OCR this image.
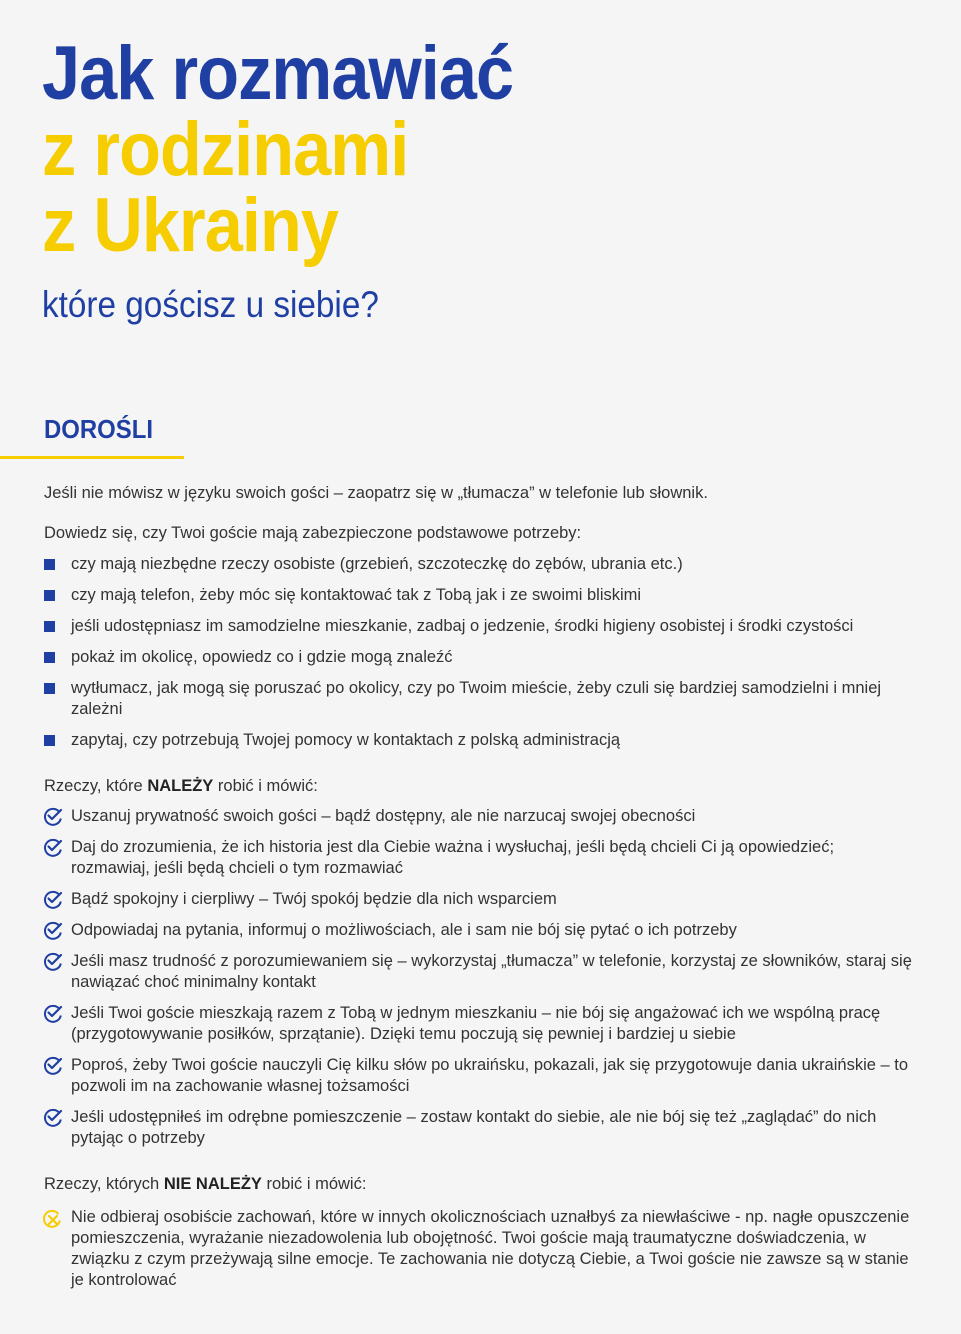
Jak rozmawiać
z rodzinami
z Ukrainy
które gościsz u siebie?
DOROŚLI

Jeśli nie mówisz w języku swoich gości – zaopatrz się w „tłumacza” w telefonie lub słownik.

Dowiedz się, czy Twoi goście mają zabezpieczone podstawowe potrzeby:

czy mają niezbędne rzeczy osobiste (grzebień, szczoteczkę do zębów, ubrania etc.)
czy mają telefon, żeby móc się kontaktować tak z Tobą jak i ze swoimi bliskimi
jeśli udostępniasz im samodzielne mieszkanie, zadbaj o jedzenie, środki higieny osobistej i środki czystości
pokaż im okolicę, opowiedz co i gdzie mogą znaleźć
wytłumacz, jak mogą się poruszać po okolicy, czy po Twoim mieście, żeby czuli się bardziej samodzielni i mniej zależni
zapytaj, czy potrzebują Twojej pomocy w kontaktach z polską administracją

Rzeczy, które NALEŻY robić i mówić:

Uszanuj prywatność swoich gości – bądź dostępny, ale nie narzucaj swojej obecności
Daj do zrozumienia, że ich historia jest dla Ciebie ważna i wysłuchaj, jeśli będą chcieli Ci ją opowiedzieć; rozmawiaj, jeśli będą chcieli o tym rozmawiać
Bądź spokojny i cierpliwy – Twój spokój będzie dla nich wsparciem
Odpowiadaj na pytania, informuj o możliwościach, ale i sam nie bój się pytać o ich potrzeby
Jeśli masz trudność z porozumiewaniem się – wykorzystaj „tłumacza” w telefonie, korzystaj ze słowników, staraj się nawiązać choć minimalny kontakt
Jeśli Twoi goście mieszkają razem z Tobą w jednym mieszkaniu – nie bój się angażować ich we wspólną pracę (przygotowywanie posiłków, sprzątanie). Dzięki temu poczują się pewniej i bardziej u siebie
Poproś, żeby Twoi goście nauczyli Cię kilku słów po ukraińsku, pokazali, jak się przygotowuje dania ukraińskie – to pozwoli im na zachowanie własnej tożsamości
Jeśli udostępniłeś im odrębne pomieszczenie – zostaw kontakt do siebie, ale nie bój się też „zaglądać” do nich pytając o potrzeby

Rzeczy, których NIE NALEŻY robić i mówić:

Nie odbieraj osobiście zachowań, które w innych okolicznościach uznałbyś za niewłaściwe - np. nagłe opuszczenie pomieszczenia, wyrażanie niezadowolenia lub obojętność. Twoi goście mają traumatyczne doświadczenia, w związku z czym przeżywają silne emocje. Te zachowania nie dotyczą Ciebie, a Twoi goście nie zawsze są w stanie je kontrolować
